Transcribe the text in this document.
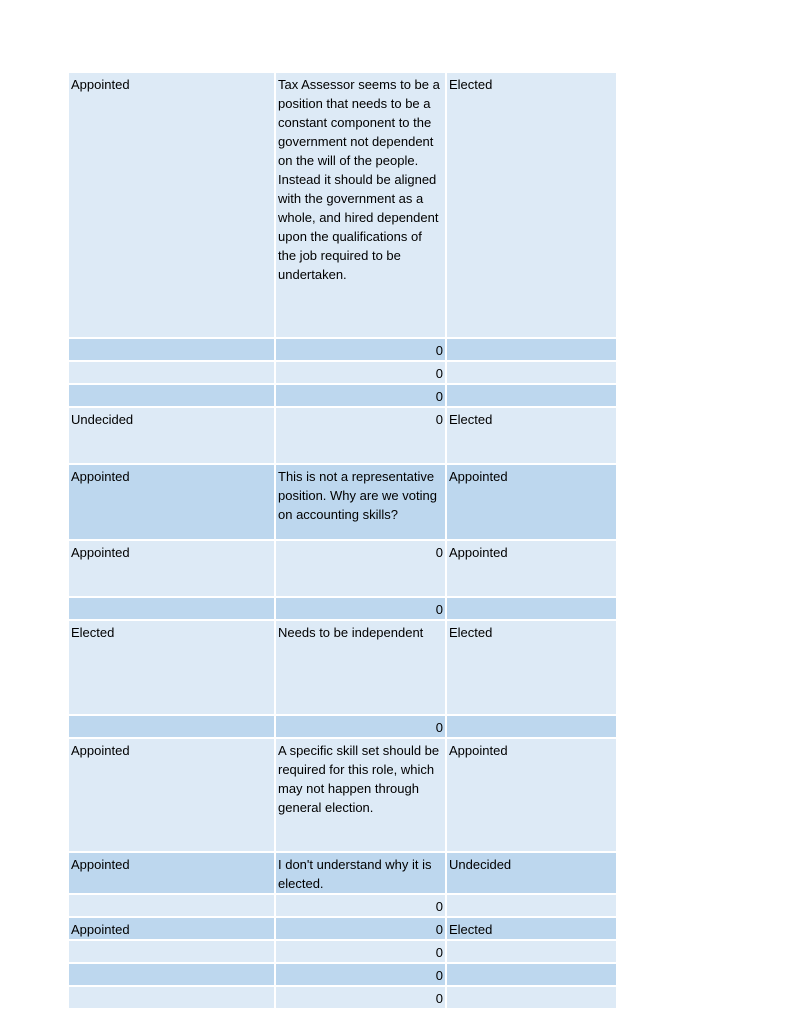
Appointed	Tax Assessor seems to be a position that needs to be a constant component to the government not dependent on the will of the people. Instead it should be aligned with the government as a whole, and hired dependent upon the qualifications of the job required to be undertaken.	Elected
	0	
	0	
	0	
Undecided	0	Elected
Appointed	This is not a representative position. Why are we voting on accounting skills?	Appointed
Appointed	0	Appointed
	0	
Elected	Needs to be independent	Elected
	0	
Appointed	A specific skill set should be required for this role, which may not happen through general election.	Appointed
Appointed	I don't understand why it is elected.	Undecided
	0	
Appointed	0	Elected
	0	
	0	
	0	
